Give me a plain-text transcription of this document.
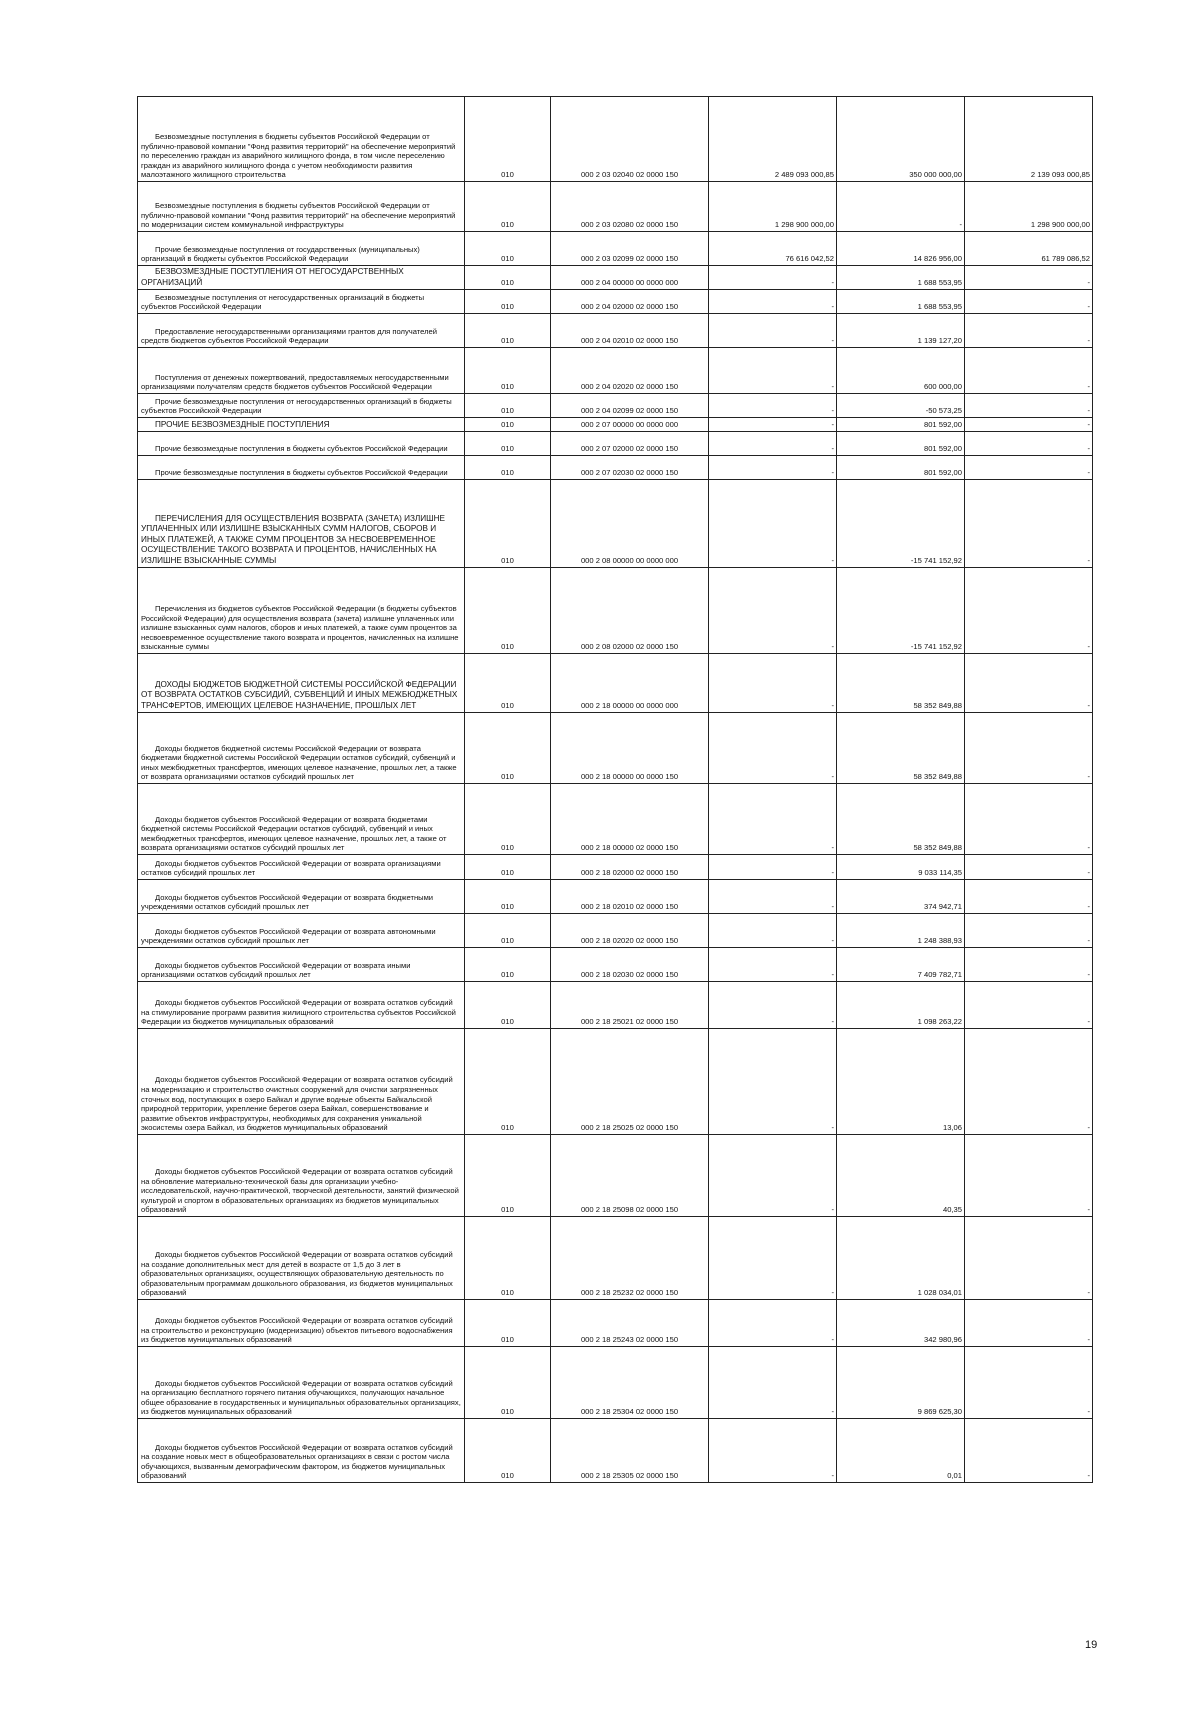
Безвозмездные поступления в бюджеты субъектов Российской Федерации от публично-правовой компании "Фонд развития территорий" на обеспечение мероприятий по переселению граждан из аварийного жилищного фонда, в том числе переселению граждан из аварийного жилищного фонда с учетом необходимости развития малоэтажного жилищного строительства	010	000 2 03 02040 02 0000 150	2 489 093 000,85	350 000 000,00	2 139 093 000,85

Безвозмездные поступления в бюджеты субъектов Российской Федерации от публично-правовой компании "Фонд развития территорий" на обеспечение мероприятий по модернизации систем коммунальной инфраструктуры	010	000 2 03 02080 02 0000 150	1 298 900 000,00	-	1 298 900 000,00

Прочие безвозмездные поступления от государственных (муниципальных) организаций в бюджеты субъектов Российской Федерации	010	000 2 03 02099 02 0000 150	76 616 042,52	14 826 956,00	61 789 086,52

БЕЗВОЗМЕЗДНЫЕ ПОСТУПЛЕНИЯ ОТ НЕГОСУДАРСТВЕННЫХ ОРГАНИЗАЦИЙ	010	000 2 04 00000 00 0000 000	-	1 688 553,95	-

Безвозмездные поступления от негосударственных организаций в бюджеты субъектов Российской Федерации	010	000 2 04 02000 02 0000 150	-	1 688 553,95	-

Предоставление негосударственными организациями грантов для получателей средств бюджетов субъектов Российской Федерации	010	000 2 04 02010 02 0000 150	-	1 139 127,20	-

Поступления от денежных пожертвований, предоставляемых негосударственными организациями получателям средств бюджетов субъектов Российской Федерации	010	000 2 04 02020 02 0000 150	-	600 000,00	-

Прочие безвозмездные поступления от негосударственных организаций в бюджеты субъектов Российской Федерации	010	000 2 04 02099 02 0000 150	-	-50 573,25	-

ПРОЧИЕ БЕЗВОЗМЕЗДНЫЕ ПОСТУПЛЕНИЯ	010	000 2 07 00000 00 0000 000	-	801 592,00	-

Прочие безвозмездные поступления в бюджеты субъектов Российской Федерации	010	000 2 07 02000 02 0000 150	-	801 592,00	-

Прочие безвозмездные поступления в бюджеты субъектов Российской Федерации	010	000 2 07 02030 02 0000 150	-	801 592,00	-

ПЕРЕЧИСЛЕНИЯ ДЛЯ ОСУЩЕСТВЛЕНИЯ ВОЗВРАТА (ЗАЧЕТА) ИЗЛИШНЕ УПЛАЧЕННЫХ ИЛИ ИЗЛИШНЕ ВЗЫСКАННЫХ СУММ НАЛОГОВ, СБОРОВ И ИНЫХ ПЛАТЕЖЕЙ, А ТАКЖЕ СУММ ПРОЦЕНТОВ ЗА НЕСВОЕВРЕМЕННОЕ ОСУЩЕСТВЛЕНИЕ ТАКОГО ВОЗВРАТА И ПРОЦЕНТОВ, НАЧИСЛЕННЫХ НА ИЗЛИШНЕ ВЗЫСКАННЫЕ СУММЫ	010	000 2 08 00000 00 0000 000	-	-15 741 152,92	-

Перечисления из бюджетов субъектов Российской Федерации (в бюджеты субъектов Российской Федерации) для осуществления возврата (зачета) излишне уплаченных или излишне взысканных сумм налогов, сборов и иных платежей, а также сумм процентов за несвоевременное осуществление такого возврата и процентов, начисленных на излишне взысканные суммы	010	000 2 08 02000 02 0000 150	-	-15 741 152,92	-

ДОХОДЫ БЮДЖЕТОВ БЮДЖЕТНОЙ СИСТЕМЫ РОССИЙСКОЙ ФЕДЕРАЦИИ ОТ ВОЗВРАТА ОСТАТКОВ СУБСИДИЙ, СУБВЕНЦИЙ И ИНЫХ МЕЖБЮДЖЕТНЫХ ТРАНСФЕРТОВ, ИМЕЮЩИХ ЦЕЛЕВОЕ НАЗНАЧЕНИЕ, ПРОШЛЫХ ЛЕТ	010	000 2 18 00000 00 0000 000	-	58 352 849,88	-

Доходы бюджетов бюджетной системы Российской Федерации от возврата бюджетами бюджетной системы Российской Федерации остатков субсидий, субвенций и иных межбюджетных трансфертов, имеющих целевое назначение, прошлых лет, а также от возврата организациями остатков субсидий прошлых лет	010	000 2 18 00000 00 0000 150	-	58 352 849,88	-

Доходы бюджетов субъектов Российской Федерации от возврата бюджетами бюджетной системы Российской Федерации остатков субсидий, субвенций и иных межбюджетных трансфертов, имеющих целевое назначение, прошлых лет, а также от возврата организациями остатков субсидий прошлых лет	010	000 2 18 00000 02 0000 150	-	58 352 849,88	-

Доходы бюджетов субъектов Российской Федерации от возврата организациями остатков субсидий прошлых лет	010	000 2 18 02000 02 0000 150	-	9 033 114,35	-

Доходы бюджетов субъектов Российской Федерации от возврата бюджетными учреждениями остатков субсидий прошлых лет	010	000 2 18 02010 02 0000 150	-	374 942,71	-

Доходы бюджетов субъектов Российской Федерации от возврата автономными учреждениями остатков субсидий прошлых лет	010	000 2 18 02020 02 0000 150	-	1 248 388,93	-

Доходы бюджетов субъектов Российской Федерации от возврата иными организациями остатков субсидий прошлых лет	010	000 2 18 02030 02 0000 150	-	7 409 782,71	-

Доходы бюджетов субъектов Российской Федерации от возврата остатков субсидий на стимулирование программ развития жилищного строительства субъектов Российской Федерации из бюджетов муниципальных образований	010	000 2 18 25021 02 0000 150	-	1 098 263,22	-

Доходы бюджетов субъектов Российской Федерации от возврата остатков субсидий на модернизацию и строительство очистных сооружений для очистки загрязненных сточных вод, поступающих в озеро Байкал и другие водные объекты Байкальской природной территории, укрепление берегов озера Байкал, совершенствование и развитие объектов инфраструктуры, необходимых для сохранения уникальной экосистемы озера Байкал, из бюджетов муниципальных образований	010	000 2 18 25025 02 0000 150	-	13,06	-

Доходы бюджетов субъектов Российской Федерации от возврата остатков субсидий на обновление материально-технической базы для организации учебно-исследовательской, научно-практической, творческой деятельности, занятий физической культурой и спортом в образовательных организациях из бюджетов муниципальных образований	010	000 2 18 25098 02 0000 150	-	40,35	-

Доходы бюджетов субъектов Российской Федерации от возврата остатков субсидий на создание дополнительных мест для детей в возрасте от 1,5 до 3 лет в образовательных организациях, осуществляющих образовательную деятельность по образовательным программам дошкольного образования, из бюджетов муниципальных образований	010	000 2 18 25232 02 0000 150	-	1 028 034,01	-

Доходы бюджетов субъектов Российской Федерации от возврата остатков субсидий на строительство и реконструкцию (модернизацию) объектов питьевого водоснабжения из бюджетов муниципальных образований	010	000 2 18 25243 02 0000 150	-	342 980,96	-

Доходы бюджетов субъектов Российской Федерации от возврата остатков субсидий на организацию бесплатного горячего питания обучающихся, получающих начальное общее образование в государственных и муниципальных образовательных организациях, из бюджетов муниципальных образований	010	000 2 18 25304 02 0000 150	-	9 869 625,30	-

Доходы бюджетов субъектов Российской Федерации от возврата остатков субсидий на создание новых мест в общеобразовательных организациях в связи с ростом числа обучающихся, вызванным демографическим фактором, из бюджетов муниципальных образований	010	000 2 18 25305 02 0000 150	-	0,01	-
19
